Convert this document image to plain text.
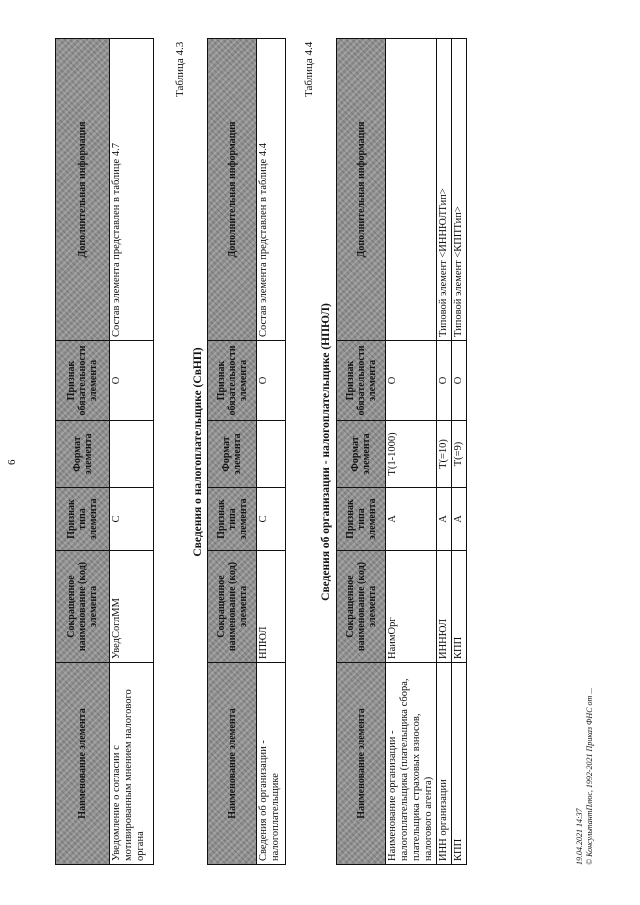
6
Наименование элемента	Сокращенное наименование (код) элемента	Признак типа элемента	Формат элемента	Признак обязательности элемента	Дополнительная информация
Уведомление о согласии с мотивированным мнением налогового органа	УведСоглММ	С		О	Состав элемента представлен в таблице 4.7
Таблица 4.3
Сведения о налогоплательщике (СвНП)
Наименование элемента	Сокращенное наименование (код) элемента	Признак типа элемента	Формат элемента	Признак обязательности элемента	Дополнительная информация
Сведения об организации - налогоплательщике	НПЮЛ	С		О	Состав элемента представлен в таблице 4.4
Таблица 4.4
Сведения об организации - налогоплательщике (НПЮЛ)
Наименование элемента	Сокращенное наименование (код) элемента	Признак типа элемента	Формат элемента	Признак обязательности элемента	Дополнительная информация
Наименование организации - налогоплательщика (плательщика сбора, плательщика страховых взносов, налогового агента)	НаимОрг	А	Т(1-1000)	О	
ИНН организации	ИННЮЛ	А	Т(=10)	О	Типовой элемент <ИННЮЛТип>
КПП	КПП	А	Т(=9)	О	Типовой элемент <КППТип>
19.04.2021 14:37 © КонсультантПлюс, 1992-2021 Приказ ФНС от ...
